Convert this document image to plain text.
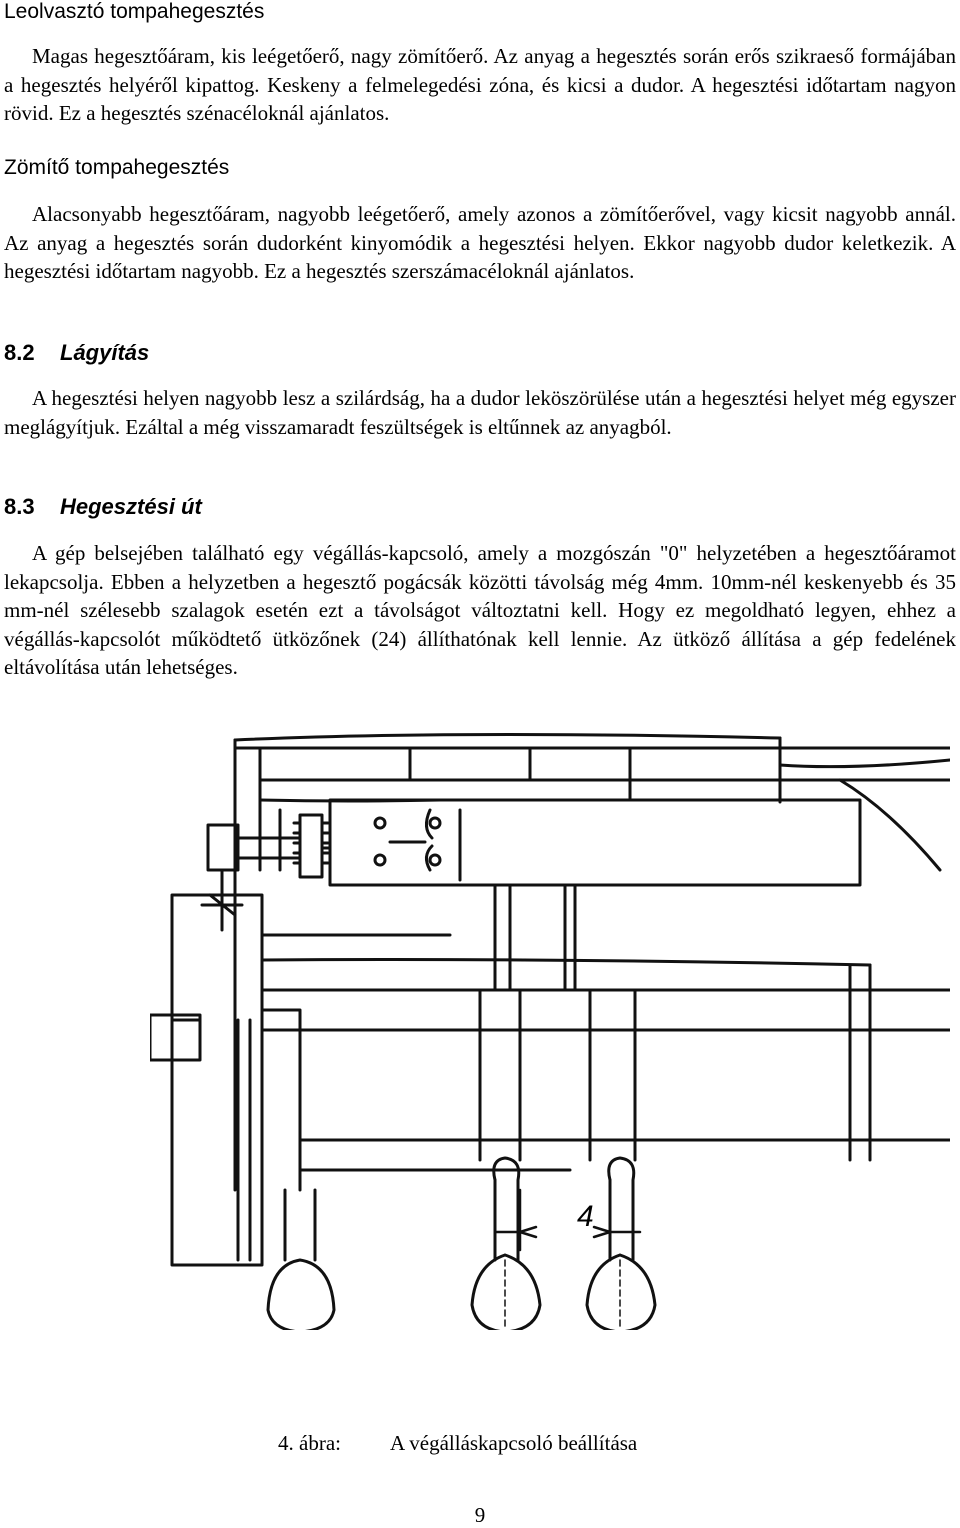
Leolvasztó tompahegesztés
Magas hegesztőáram, kis leégetőerő, nagy zömítőerő. Az anyag a hegesztés során erős szikraeső formájában a hegesztés helyéről kipattog. Keskeny a felmelegedési zóna, és kicsi a dudor. A hegesztési időtartam nagyon rövid. Ez a hegesztés szénacéloknál ajánlatos.
Zömítő tompahegesztés
Alacsonyabb hegesztőáram, nagyobb leégetőerő, amely azonos a zömítőerővel, vagy kicsit nagyobb annál. Az anyag a hegesztés során dudorként kinyomódik a hegesztési helyen. Ekkor nagyobb dudor keletkezik. A hegesztési időtartam nagyobb. Ez a hegesztés szerszámacéloknál ajánlatos.
8.2 Lágyítás
A hegesztési helyen nagyobb lesz a szilárdság, ha a dudor leköszörülése után a hegesztési helyet még egyszer meglágyítjuk. Ezáltal a még visszamaradt feszültségek is eltűnnek az anyagból.
8.3 Hegesztési út
A gép belsejében található egy végállás-kapcsoló, amely a mozgószán "0" helyzetében a hegesztőáramot lekapcsolja. Ebben a helyzetben a hegesztő pogácsák közötti távolság még 4mm. 10mm-nél keskenyebb és 35 mm-nél szélesebb szalagok esetén ezt a távolságot változtatni kell. Hogy ez megoldható legyen, ehhez a végállás-kapcsolót működtető ütközőnek (24) állíthatónak kell lennie. Az ütköző állítása a gép fedelének eltávolítása után lehetséges.
4
4. ábra: A végálláskapcsoló beállítása
9
